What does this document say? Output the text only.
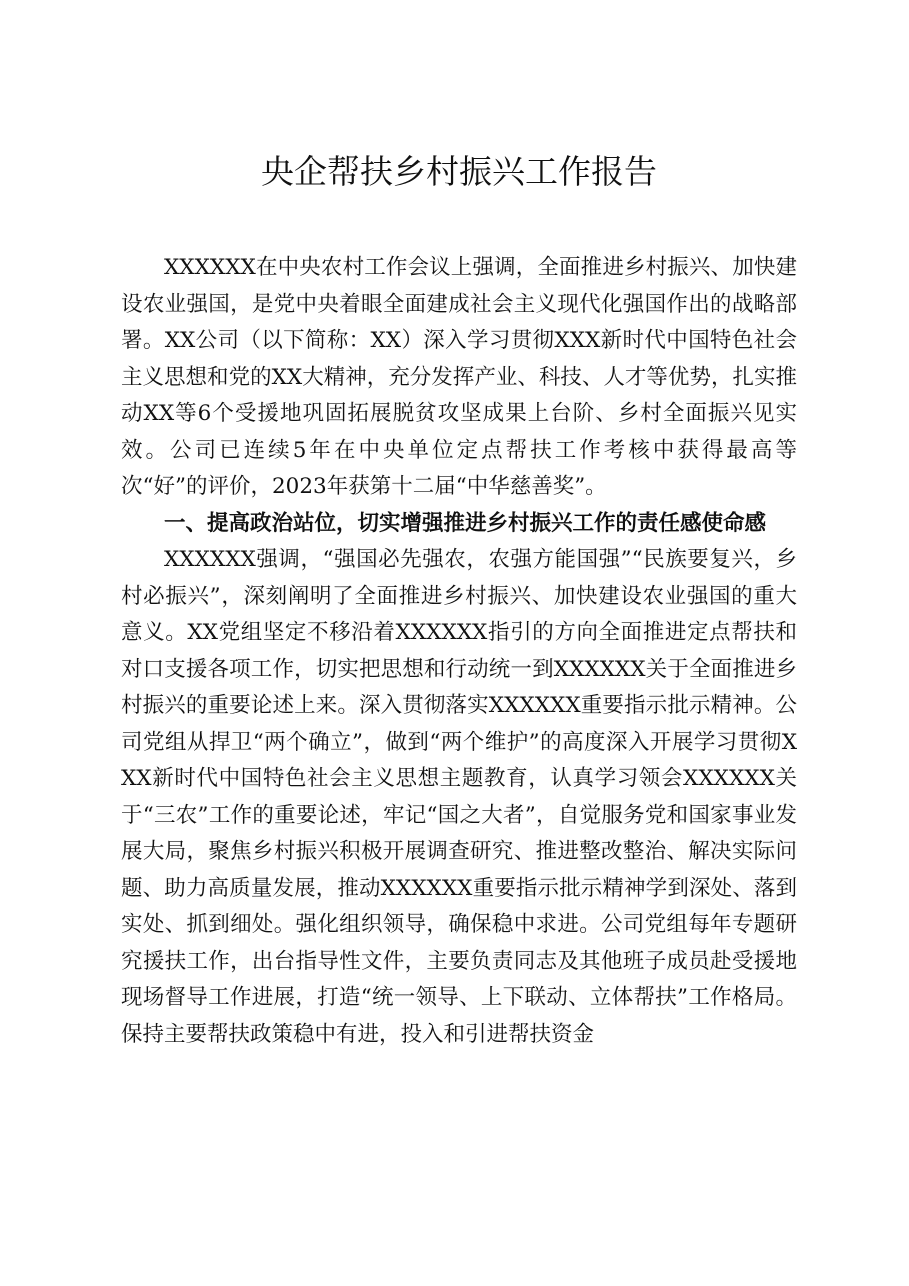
央企帮扶乡村振兴工作报告

XXXXXX在中央农村工作会议上强调，全面推进乡村振兴、加快建设农业强国，是党中央着眼全面建成社会主义现代化强国作出的战略部署。XX公司（以下简称：XX）深入学习贯彻XXX新时代中国特色社会主义思想和党的XX大精神，充分发挥产业、科技、人才等优势，扎实推动XX等6个受援地巩固拓展脱贫攻坚成果上台阶、乡村全面振兴见实效。公司已连续5年在中央单位定点帮扶工作考核中获得最高等次“好”的评价，2023年获第十二届“中华慈善奖”。

一、提高政治站位，切实增强推进乡村振兴工作的责任感使命感

XXXXXX强调，“强国必先强农，农强方能国强”“民族要复兴，乡村必振兴”，深刻阐明了全面推进乡村振兴、加快建设农业强国的重大意义。XX党组坚定不移沿着XXXXXX指引的方向全面推进定点帮扶和对口支援各项工作，切实把思想和行动统一到XXXXXX关于全面推进乡村振兴的重要论述上来。深入贯彻落实XXXXXX重要指示批示精神。公司党组从捍卫“两个确立”，做到“两个维护”的高度深入开展学习贯彻XXX新时代中国特色社会主义思想主题教育，认真学习领会XXXXXX关于“三农”工作的重要论述，牢记“国之大者”，自觉服务党和国家事业发展大局，聚焦乡村振兴积极开展调查研究、推进整改整治、解决实际问题、助力高质量发展，推动XXXXXX重要指示批示精神学到深处、落到实处、抓到细处。强化组织领导，确保稳中求进。公司党组每年专题研究援扶工作，出台指导性文件，主要负责同志及其他班子成员赴受援地现场督导工作进展，打造“统一领导、上下联动、立体帮扶”工作格局。保持主要帮扶政策稳中有进，投入和引进帮扶资金
